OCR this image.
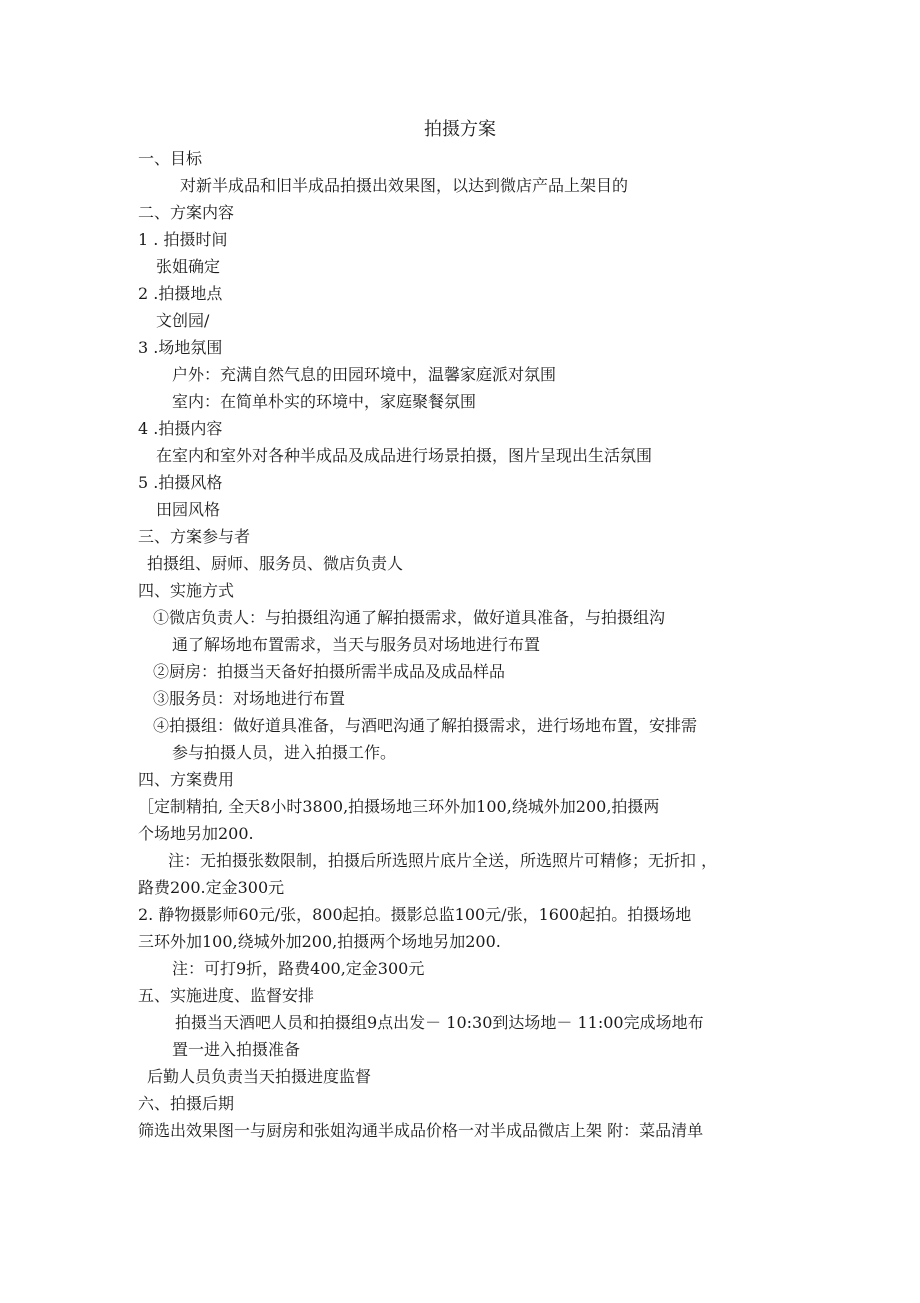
拍摄方案
一、目标
对新半成品和旧半成品拍摄出效果图，以达到微店产品上架目的
二、方案内容
1 . 拍摄时间
张姐确定
2 .拍摄地点
文创园/
3 .场地氛围
户外：充满自然气息的田园环境中，温馨家庭派对氛围
室内：在简单朴实的环境中，家庭聚餐氛围
4 .拍摄内容
在室内和室外对各种半成品及成品进行场景拍摄，图片呈现出生活氛围
5 .拍摄风格
田园风格
三、方案参与者
拍摄组、厨师、服务员、微店负责人
四、实施方式
①微店负责人：与拍摄组沟通了解拍摄需求，做好道具准备，与拍摄组沟
通了解场地布置需求，当天与服务员对场地进行布置
②厨房：拍摄当天备好拍摄所需半成品及成品样品
③服务员：对场地进行布置
④拍摄组：做好道具准备，与酒吧沟通了解拍摄需求，进行场地布置，安排需
参与拍摄人员，进入拍摄工作。
四、方案费用
［定制精拍, 全天8小时3800,拍摄场地三环外加100,绕城外加200,拍摄两
个场地另加200.
注：无拍摄张数限制，拍摄后所选照片底片全送，所选照片可精修；无折扣 ，
路费200.定金300元
2. 静物摄影师60元/张，800起拍。摄影总监100元/张，1600起拍。拍摄场地
三环外加100,绕城外加200,拍摄两个场地另加200.
注：可打9折，路费400,定金300元
五、实施进度、监督安排
拍摄当天酒吧人员和拍摄组9点出发－ 10:30到达场地－ 11:00完成场地布
置一进入拍摄准备
后勤人员负责当天拍摄进度监督
六、拍摄后期
筛选出效果图一与厨房和张姐沟通半成品价格一对半成品微店上架 附：菜品清单
